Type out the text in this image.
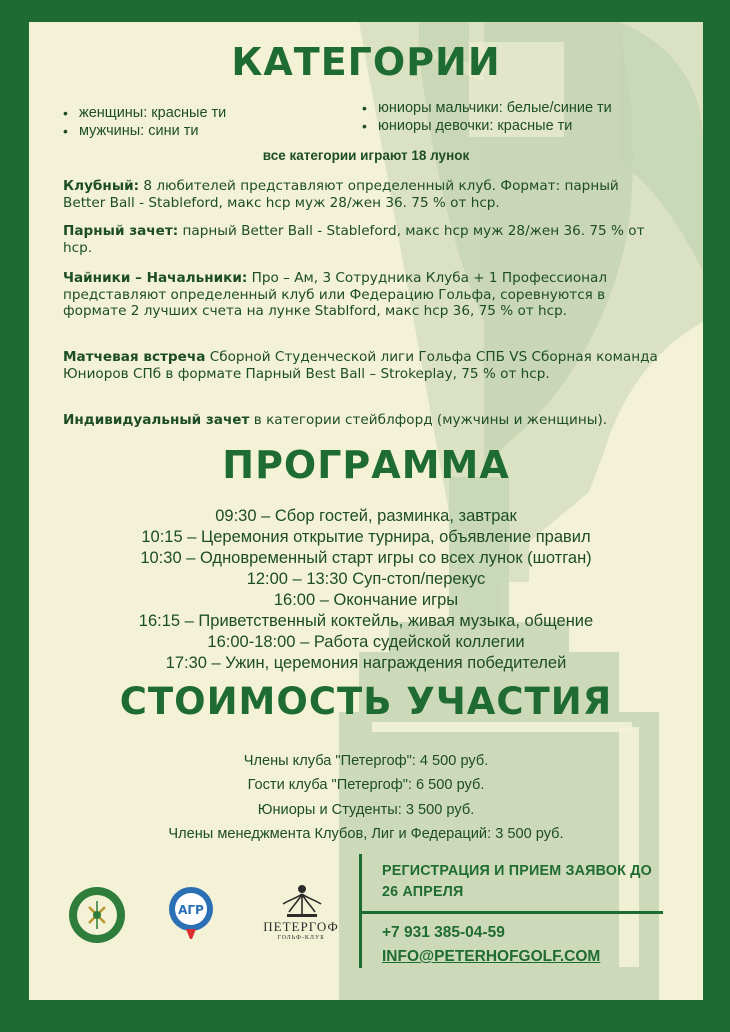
КАТЕГОРИИ
• женщины: красные ти
• мужчины: сини ти
• юниоры мальчики: белые/синие ти
• юниоры девочки: красные ти
все категории играют 18 лунок

Клубный: 8 любителей представляют определенный клуб. Формат: парный Better Ball - Stableford, макс hcp муж 28/жен 36. 75 % от hcp.

Парный зачет: парный Better Ball - Stableford, макс hcp муж 28/жен 36. 75 % от hcp.

Чайники – Начальники: Про – Ам, 3 Сотрудника Клуба + 1 Профессионал представляют определенный клуб или Федерацию Гольфа, соревнуются в формате 2 лучших счета на лунке Stablford, макс hcp 36, 75 % от hcp.

Матчевая встреча Сборной Студенческой лиги Гольфа СПБ VS Сборная команда Юниоров СПб в формате Парный Best Ball – Strokeplay, 75 % от hcp.

Индивидуальный зачет в категории стейблфорд (мужчины и женщины).

ПРОГРАММА
09:30 – Сбор гостей, разминка, завтрак
10:15 – Церемония открытие турнира, объявление правил
10:30 – Одновременный старт игры со всех лунок (шотган)
12:00 – 13:30 Суп-стоп/перекус
16:00 – Окончание игры
16:15 – Приветственный коктейль, живая музыка, общение
16:00-18:00 – Работа судейской коллегии
17:30 – Ужин, церемония награждения победителей
СТОИМОСТЬ УЧАСТИЯ
Члены клуба "Петергоф": 4 500 руб.
Гости клуба "Петергоф": 6 500 руб.
Юниоры и Студенты: 3 500 руб.
Члены менеджмента Клубов, Лиг и Федераций: 3 500 руб.
АГР
ПЕТЕРГОФ
ГОЛЬФ-КЛУБ
РЕГИСТРАЦИЯ И ПРИЕМ ЗАЯВОК ДО
26 АПРЕЛЯ
+7 931 385-04-59
INFO@PETERHOFGOLF.COM
